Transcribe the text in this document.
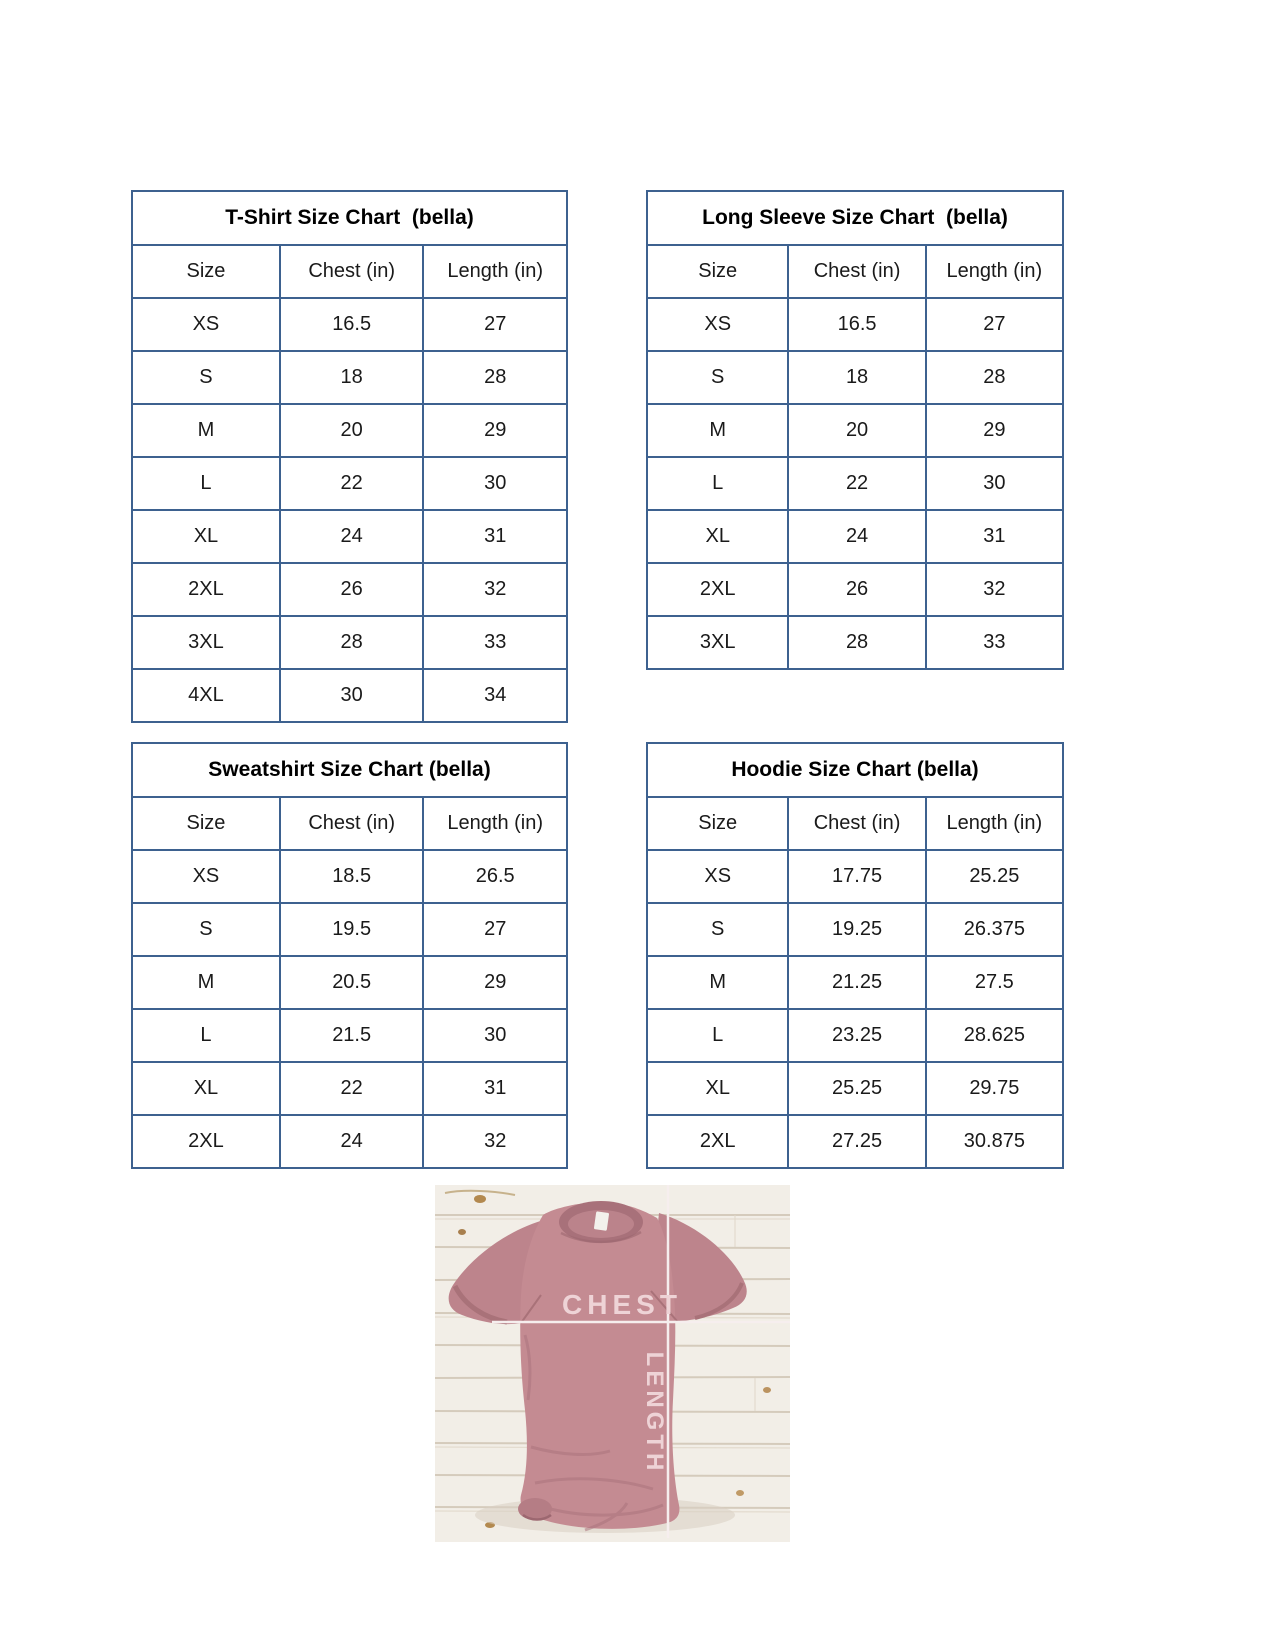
T-Shirt Size Chart  (bella)		
Size	Chest (in)	Length (in)
XS	16.5	27
S	18	28
M	20	29
L	22	30
XL	24	31
2XL	26	32
3XL	28	33
4XL	30	34
Long Sleeve Size Chart  (bella)		
Size	Chest (in)	Length (in)
XS	16.5	27
S	18	28
M	20	29
L	22	30
XL	24	31
2XL	26	32
3XL	28	33
Sweatshirt Size Chart (bella)		
Size	Chest (in)	Length (in)
XS	18.5	26.5
S	19.5	27
M	20.5	29
L	21.5	30
XL	22	31
2XL	24	32
Hoodie Size Chart (bella)		
Size	Chest (in)	Length (in)
XS	17.75	25.25
S	19.25	26.375
M	21.25	27.5
L	23.25	28.625
XL	25.25	29.75
2XL	27.25	30.875
CHEST
LENGTH
